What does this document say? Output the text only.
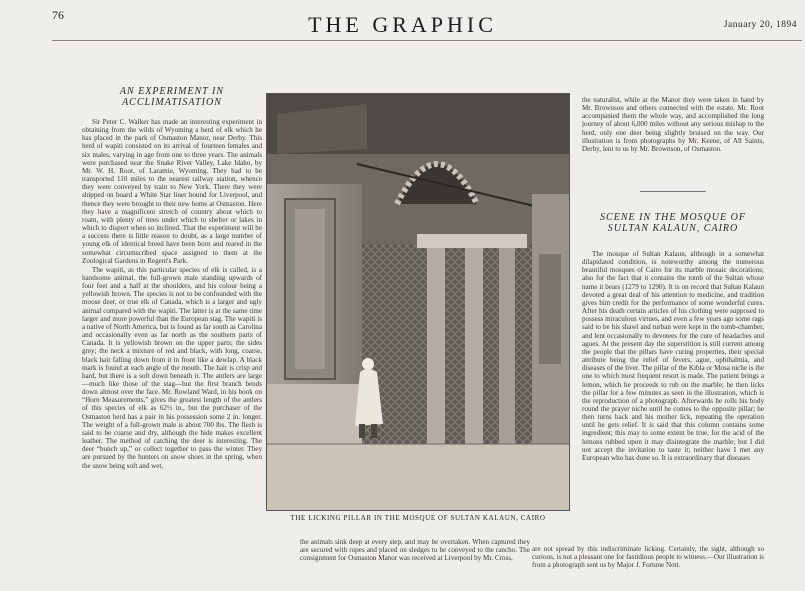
76	THE GRAPHIC	January 20, 1894
AN EXPERIMENT IN ACCLIMATISATION

Sir Peter C. Walker has made an interesting experiment in obtaining from the wilds of Wyoming a herd of elk which he has placed in the park of Osmaston Manor, near Derby. This herd of wapiti consisted on its arrival of fourteen females and six males, varying in age from one to three years. The animals were purchased near the Snake River Valley, Lake Idaho, by Mr. W. H. Root, of Laramie, Wyoming. They had to be transported 110 miles to the nearest railway station, whence they were conveyed by train to New York. There they were shipped on board a White Star liner bound for Liverpool, and thence they were brought to their new home at Osmaston. Here they have a magnificent stretch of country about which to roam, with plenty of trees under which to shelter or lakes in which to disport when so inclined. That the experiment will be a success there is little reason to doubt, as a large number of young elk of identical breed have been born and reared in the somewhat circumscribed space assigned to them at the Zoological Gardens in Regent's Park.

The wapiti, as this particular species of elk is called, is a handsome animal, the full-grown male standing upwards of four feet and a half at the shoulders, and his colour being a yellowish brown. The species is not to be confounded with the moose deer, or true elk of Canada, which is a larger and ugly animal compared with the wapiti. The latter is at the same time larger and more powerful than the European stag. The wapiti is a native of North America, but is found as far south as Carolina and occasionally even as far north as the southern parts of Canada. It is yellowish brown on the upper parts; the sides grey; the neck a mixture of red and black, with long, coarse, black hair falling down from it in front like a dewlap. A black mark is found at each angle of the mouth. The hair is crisp and hard, but there is a soft down beneath it. The antlers are large —much like those of the stag—but the first branch bends down almost over the face. Mr. Rowland Ward, in his book on “Horn Measurements,” gives the greatest length of the antlers of this species of elk as 62½ in., but the purchaser of the Osmaston herd has a pair in his possession some 2 in. longer. The weight of a full-grown male is about 700 lbs. The flesh is said to be coarse and dry, although the hide makes excellent leather. The method of catching the deer is interesting. The deer “bunch up,” or collect together to pass the winter. They are pursued by the hunters on snow shoes in the spring, when the snow being soft and wet,

THE LICKING PILLAR IN THE MOSQUE OF SULTAN KALAUN, CAIRO

the animals sink deep at every step, and may be overtaken. When captured they are secured with ropes and placed on sledges to be conveyed to the rancho. The consignment for Osmaston Manor was received at Liverpool by Mr. Cross,

the naturalist, while at the Manor they were taken in hand by Mr. Brownson and others connected with the estate. Mr. Root accompanied them the whole way, and accomplished the long journey of about 6,000 miles without any serious mishap to the herd, only one deer being slightly bruised on the way. Our illustration is from photographs by Mr. Keene, of All Saints, Derby, lent to us by Mr. Brownson, of Osmaston.

SCENE IN THE MOSQUE OF SULTAN KALAUN, CAIRO

The mosque of Sultan Kalaun, although in a somewhat dilapidated condition, is noteworthy among the numerous beautiful mosques of Cairo for its marble mosaic decorations; also for the fact that it contains the tomb of the Sultan whose name it bears (1279 to 1290). It is on record that Sultan Kalaun devoted a great deal of his attention to medicine, and tradition gives him credit for the performance of some wonderful cures. After his death certain articles of his clothing were supposed to possess miraculous virtues, and even a few years ago some rags said to be his shawl and turban were kept in the tomb-chamber, and lent occasionally to devotees for the cure of headaches and agues. At the present day the superstition is still current among the people that the pillars have curing properties, their special attribute being the relief of fevers, ague, ophthalmia, and diseases of the liver. The pillar of the Kibla or Mosa niche is the one to which most frequent resort is made. The patient brings a lemon, which he proceeds to rub on the marble; he then licks the pillar for a few minutes as seen in the illustration, which is the reproduction of a photograph. Afterwards he rolls his body round the prayer niche until he comes to the opposite pillar; he then turns back and his mother lick, repeating the operation until he gets relief. It is said that this column contains some ingredient; this may to some extent be true, for the acid of the lemons rubbed upon it may disintegrate the marble; but I did not accept the invitation to taste it; neither have I met any European who has done so. It is extraordinary that diseases

are not spread by this indiscriminate licking. Certainly, the sight, although so curious, is not a pleasant one for fastidious people to witness.—Our illustration is from a photograph sent us by Major J. Fortune Nott.
